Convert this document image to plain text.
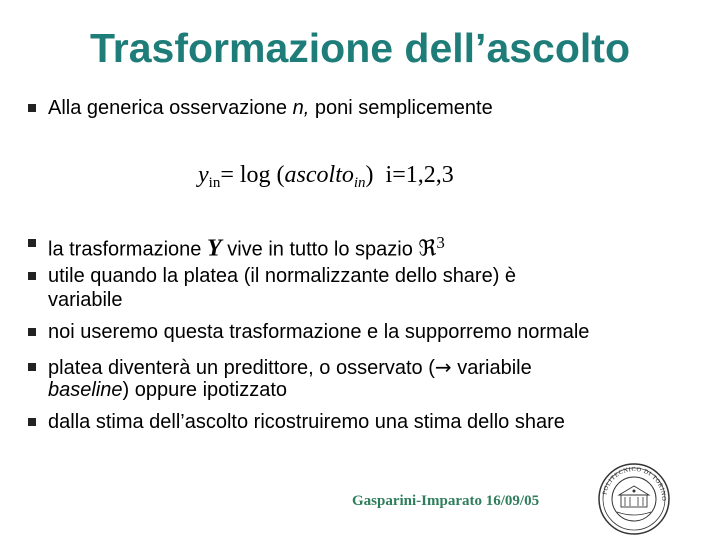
Trasformazione dell’ascolto
Alla generica osservazione n, poni semplicemente
$y_{in}= \log$ (ascolto$_{in}$) i=1,2,3
la trasformazione Y vive in tutto lo spazio ℜ$^3$
utile quando la platea (il normalizzante dello share) è
variabile
noi useremo questa trasformazione e la supporremo normale
platea diventerà un predittore, o osservato (→ variabile
baseline) oppure ipotizzato
dalla stima dell’ascolto ricostruiremo una stima dello share
Gasparini-Imparato 16/09/05
POLITECNICO DI TORINO
